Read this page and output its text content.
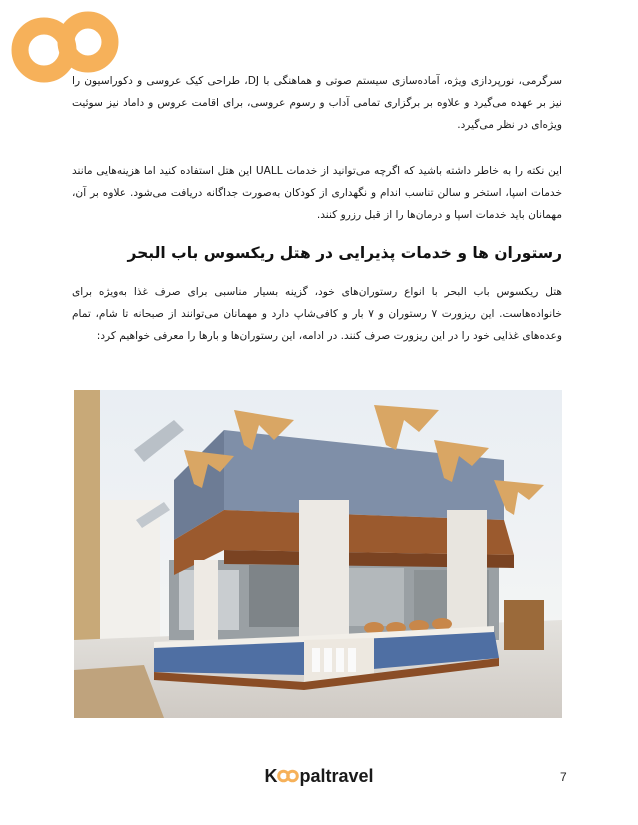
سرگرمی، نورپردازی ویژه، آماده‌سازی سیستم صوتی و هماهنگی با DJ، طراحی کیک عروسی و دکوراسیون را نیز بر عهده می‌گیرد و علاوه بر برگزاری تمامی آداب و رسوم عروسی، برای اقامت عروس و داماد نیز سوئیت ویژه‌ای در نظر می‌گیرد.

این نکته را به خاطر داشته باشید که اگرچه می‌توانید از خدمات UALL این هتل استفاده کنید اما هزینه‌هایی مانند خدمات اسپا، استخر و سالن تناسب اندام و نگهداری از کودکان به‌صورت جداگانه دریافت می‌شود. علاوه بر آن، مهمانان باید خدمات اسپا و درمان‌ها را از قبل رزرو کنند.

رستوران ها و خدمات پذیرایی در هتل ریکسوس باب البحر

هتل ریکسوس باب البحر با انواع رستوران‌های خود، گزینه بسیار مناسبی برای صرف غذا به‌ویژه برای خانواده‌هاست. این ریزورت ۷ رستوران و ۷ بار و کافی‌شاپ دارد و مهمانان می‌توانند از صبحانه تا شام، تمام وعده‌های غذایی خود را در این ریزورت صرف کنند. در ادامه، این رستوران‌ها و بارها را معرفی خواهیم کرد:

K paltravel	7
